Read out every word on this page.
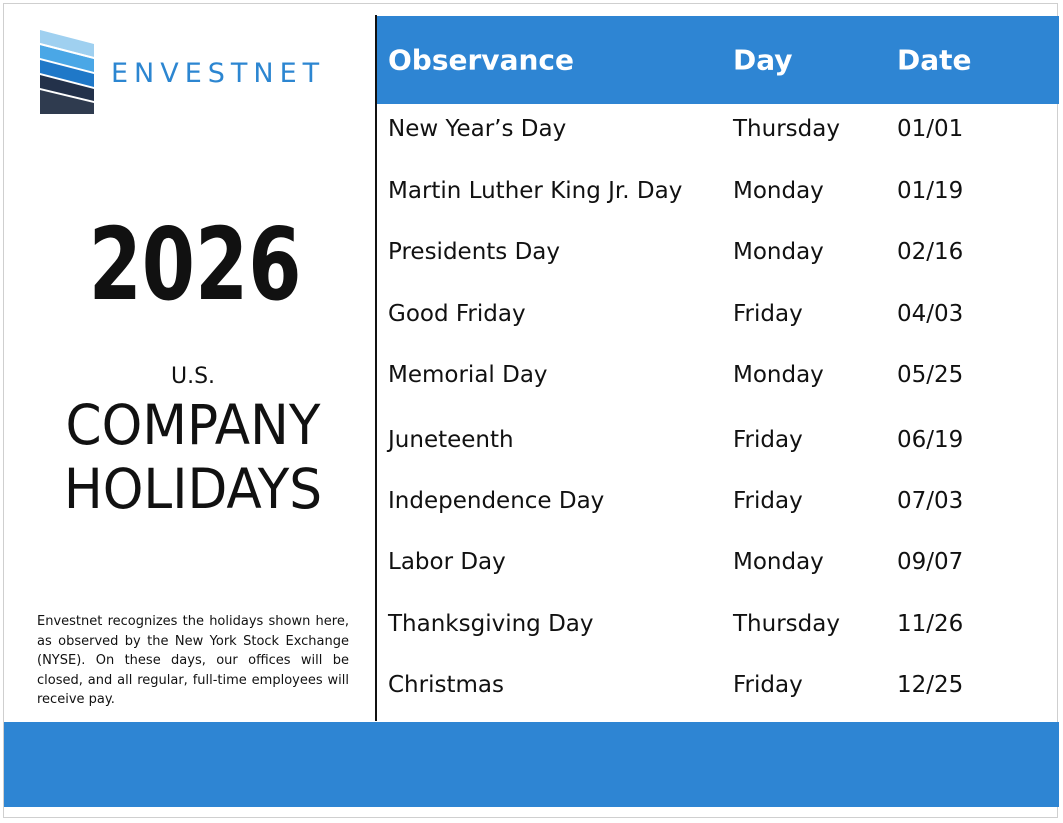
ENVESTNET
2026
U.S.
COMPANY
HOLIDAYS
Envestnet recognizes the holidays shown here, as observed by the New York Stock Exchange (NYSE). On these days, our offices will be closed, and all regular, full-time employees will receive pay.
Observance	Day	Date
New Year’s Day	Thursday 01/01
Martin Luther King Jr. Day Monday	01/19
Presidents Day	Monday	02/16
Good Friday	Friday	04/03
Memorial Day	Monday	05/25
Juneteenth	Friday	06/19
Independence Day	Friday	07/03
Labor Day	Monday	09/07
Thanksgiving Day	Thursday 11/26
Christmas	Friday	12/25
